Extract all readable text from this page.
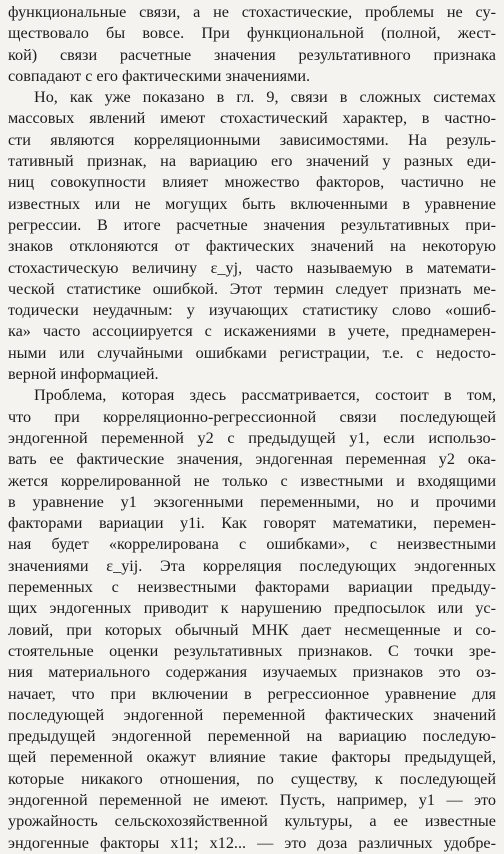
функциональные связи, а не стохастические, проблемы не су-
ществовало бы вовсе. При функциональной (полной, жест-
кой) связи расчетные значения результативного признака
совпадают с его фактическими значениями.

Но, как уже показано в гл. 9, связи в сложных системах
массовых явлений имеют стохастический характер, в частно-
сти являются корреляционными зависимостями. На резуль-
тативный признак, на вариацию его значений у разных еди-
ниц совокупности влияет множество факторов, частично не
известных или не могущих быть включенными в уравнение
регрессии. В итоге расчетные значения результативных при-
знаков отклоняются от фактических значений на некоторую
стохастическую величину ε_yj, часто называемую в математи-
ческой статистике ошибкой. Этот термин следует признать ме-
тодически неудачным: у изучающих статистику слово «ошиб-
ка» часто ассоциируется с искажениями в учете, преднамерен-
ными или случайными ошибками регистрации, т.е. с недосто-
верной информацией.

Проблема, которая здесь рассматривается, состоит в том,
что при корреляционно-регрессионной связи последующей
эндогенной переменной y2 с предыдущей y1, если использо-
вать ее фактические значения, эндогенная переменная y2 ока-
жется коррелированной не только с известными и входящими
в уравнение y1 экзогенными переменными, но и прочими
факторами вариации y1i. Как говорят математики, перемен-
ная будет «коррелирована с ошибками», с неизвестными
значениями ε_yij. Эта корреляция последующих эндогенных
переменных с неизвестными факторами вариации предыду-
щих эндогенных приводит к нарушению предпосылок или ус-
ловий, при которых обычный МНК дает несмещенные и со-
стоятельные оценки результативных признаков. С точки зре-
ния материального содержания изучаемых признаков это оз-
начает, что при включении в регрессионное уравнение для
последующей эндогенной переменной фактических значений
предыдущей эндогенной переменной на вариацию последую-
щей переменной окажут влияние такие факторы предыдущей,
которые никакого отношения, по существу, к последующей
эндогенной переменной не имеют. Пусть, например, y1 — это
урожайность сельскохозяйственной культуры, а ее известные
эндогенные факторы x11; x12... — это доза различных удобре-
